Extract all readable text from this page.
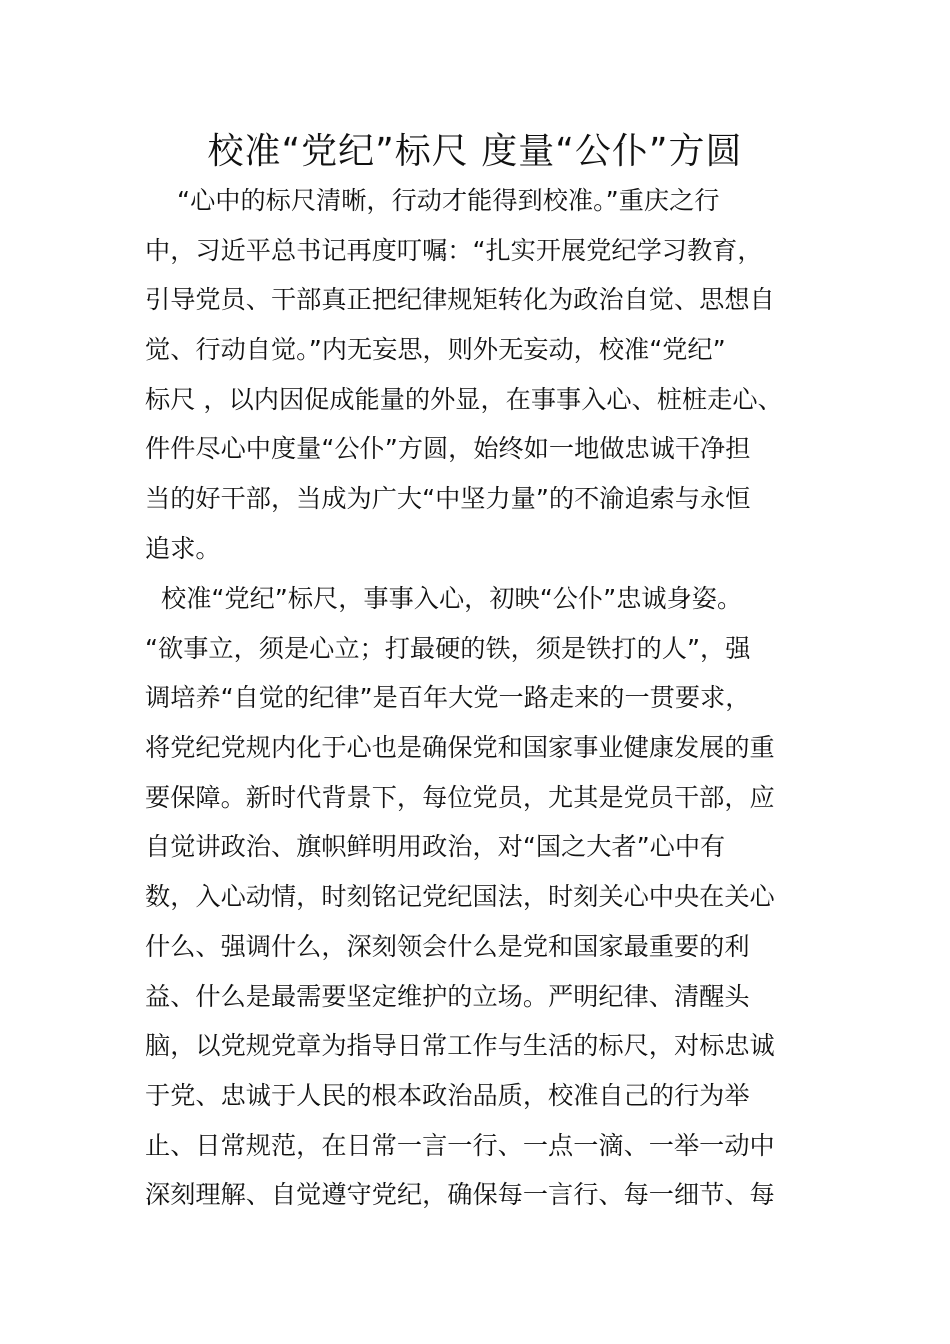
校准“党纪”标尺 度量“公仆”方圆
“心中的标尺清晰，行动才能得到校准。”重庆之行
中，习近平总书记再度叮嘱：“扎实开展党纪学习教育，
引导党员、干部真正把纪律规矩转化为政治自觉、思想自
觉、行动自觉。”内无妄思，则外无妄动，校准“党纪”
标尺 ，以内因促成能量的外显，在事事入心、桩桩走心、
件件尽心中度量“公仆”方圆，始终如一地做忠诚干净担
当的好干部，当成为广大“中坚力量”的不渝追索与永恒
追求。
校准“党纪”标尺，事事入心，初映“公仆”忠诚身姿。
“欲事立，须是心立；打最硬的铁，须是铁打的人”，强
调培养“自觉的纪律”是百年大党一路走来的一贯要求，
将党纪党规内化于心也是确保党和国家事业健康发展的重
要保障。新时代背景下，每位党员，尤其是党员干部，应
自觉讲政治、旗帜鲜明用政治，对“国之大者”心中有
数，入心动情，时刻铭记党纪国法，时刻关心中央在关心
什么、强调什么，深刻领会什么是党和国家最重要的利
益、什么是最需要坚定维护的立场。严明纪律、清醒头
脑，以党规党章为指导日常工作与生活的标尺，对标忠诚
于党、忠诚于人民的根本政治品质，校准自己的行为举
止、日常规范，在日常一言一行、一点一滴、一举一动中
深刻理解、自觉遵守党纪，确保每一言行、每一细节、每
